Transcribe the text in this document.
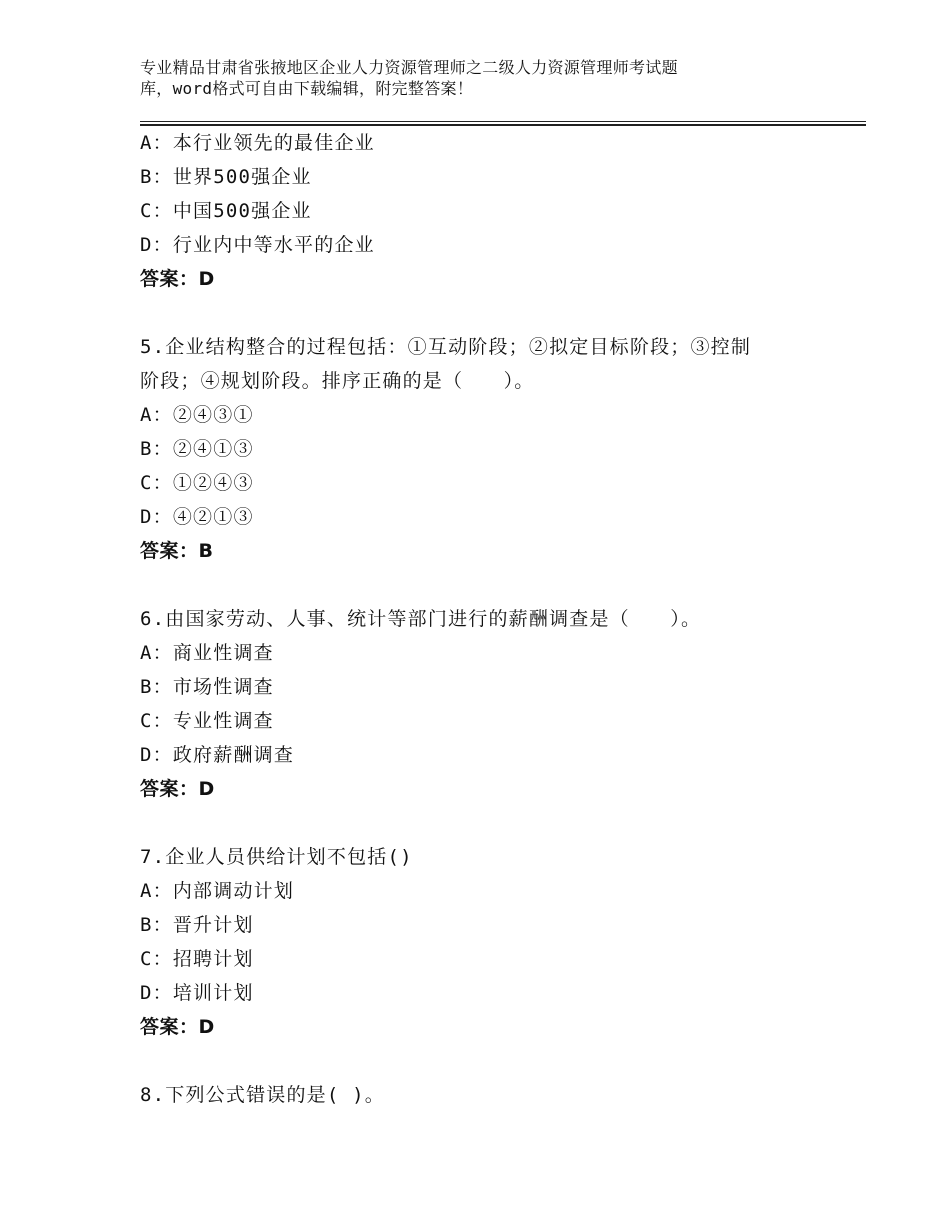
专业精品甘肃省张掖地区企业人力资源管理师之二级人力资源管理师考试题
库，word格式可自由下载编辑，附完整答案！
A：本行业领先的最佳企业
B：世界500强企业
C：中国500强企业
D：行业内中等水平的企业
答案：D
5.企业结构整合的过程包括：①互动阶段；②拟定目标阶段；③控制
阶段；④规划阶段。排序正确的是（　　）。
A：②④③①
B：②④①③
C：①②④③
D：④②①③
答案：B
6.由国家劳动、人事、统计等部门进行的薪酬调查是（　　）。
A：商业性调查
B：市场性调查
C：专业性调查
D：政府薪酬调查
答案：D
7.企业人员供给计划不包括()
A：内部调动计划
B：晋升计划
C：招聘计划
D：培训计划
答案：D
8.下列公式错误的是( )。
